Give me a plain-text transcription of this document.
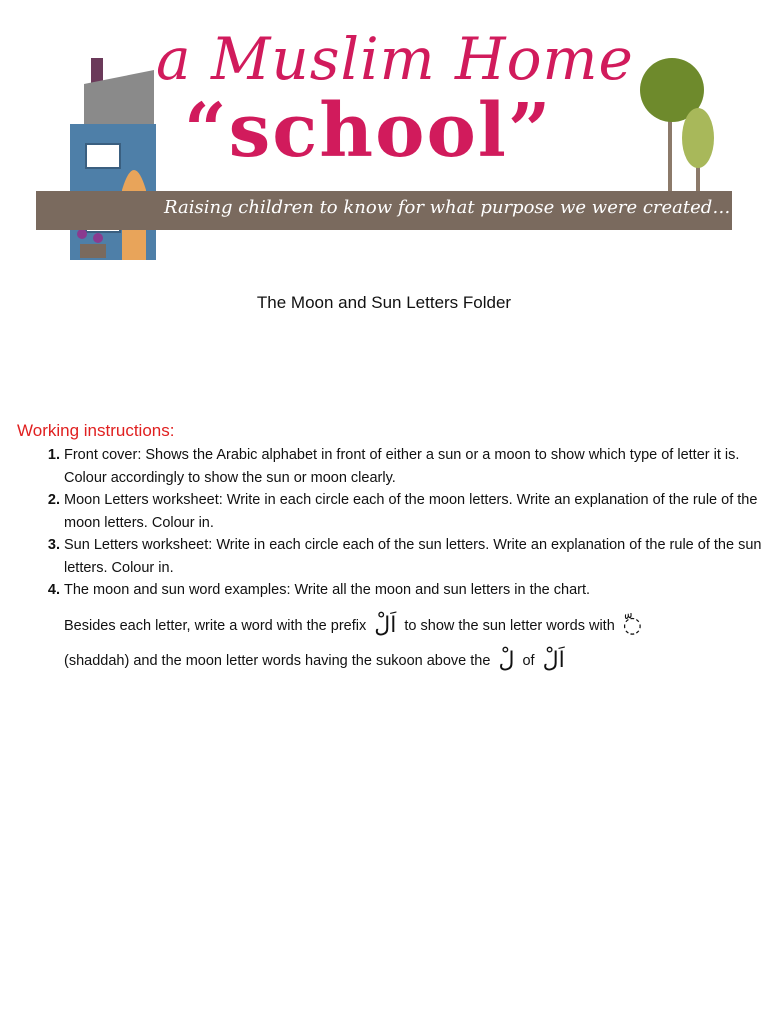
a Muslim Home
“school”
Raising children to know for what purpose we were created…
The Moon and Sun Letters Folder
Working instructions:
1. Front cover: Shows the Arabic alphabet in front of either a sun or a moon to show which type of letter it is. Colour accordingly to show the sun or moon clearly.
2. Moon Letters worksheet: Write in each circle each of the moon letters. Write an explanation of the rule of the moon letters. Colour in.
3. Sun Letters worksheet: Write in each circle each of the sun letters. Write an explanation of the rule of the sun letters. Colour in.
4. The moon and sun word examples: Write all the moon and sun letters in the chart.
Besides each letter, write a word with the prefix اَلْ to show the sun letter words with ◌ّ
(shaddah) and the moon letter words having the sukoon above the لْ of اَلْ
